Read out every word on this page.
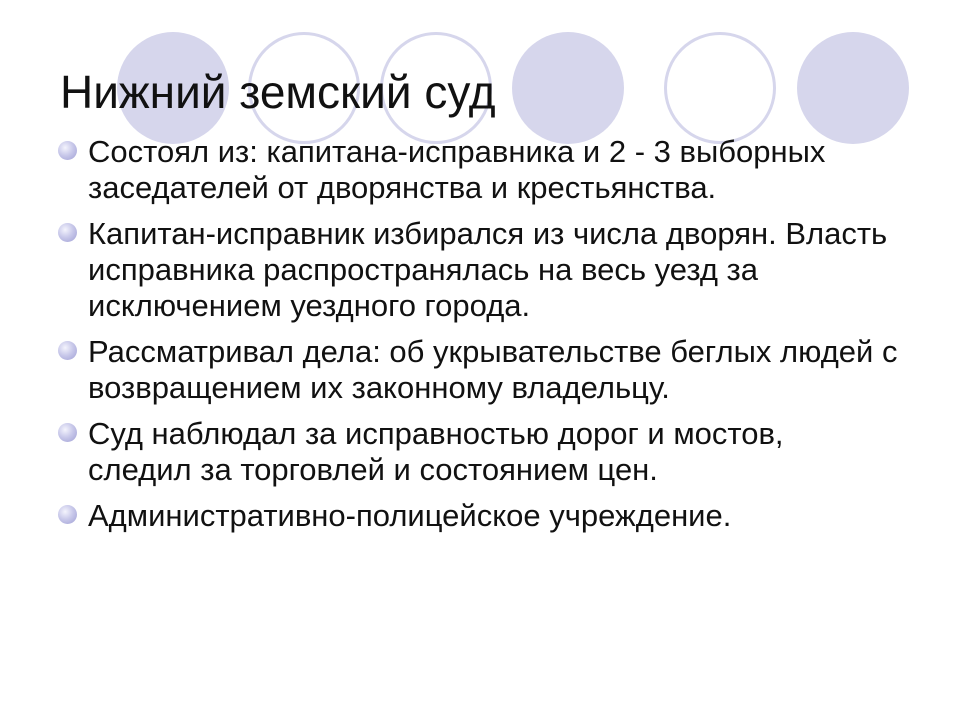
Нижний земский суд
Состоял из: капитана-исправника и 2 - 3 выборных заседателей от дворянства и крестьянства.
Капитан-исправник избирался из числа дворян. Власть исправника распространялась на весь уезд за исключением уездного города.
Рассматривал дела: об укрывательстве беглых людей с возвращением их законному владельцу.
Суд наблюдал за исправностью дорог и мостов, следил за торговлей и состоянием цен.
Административно-полицейское учреждение.
